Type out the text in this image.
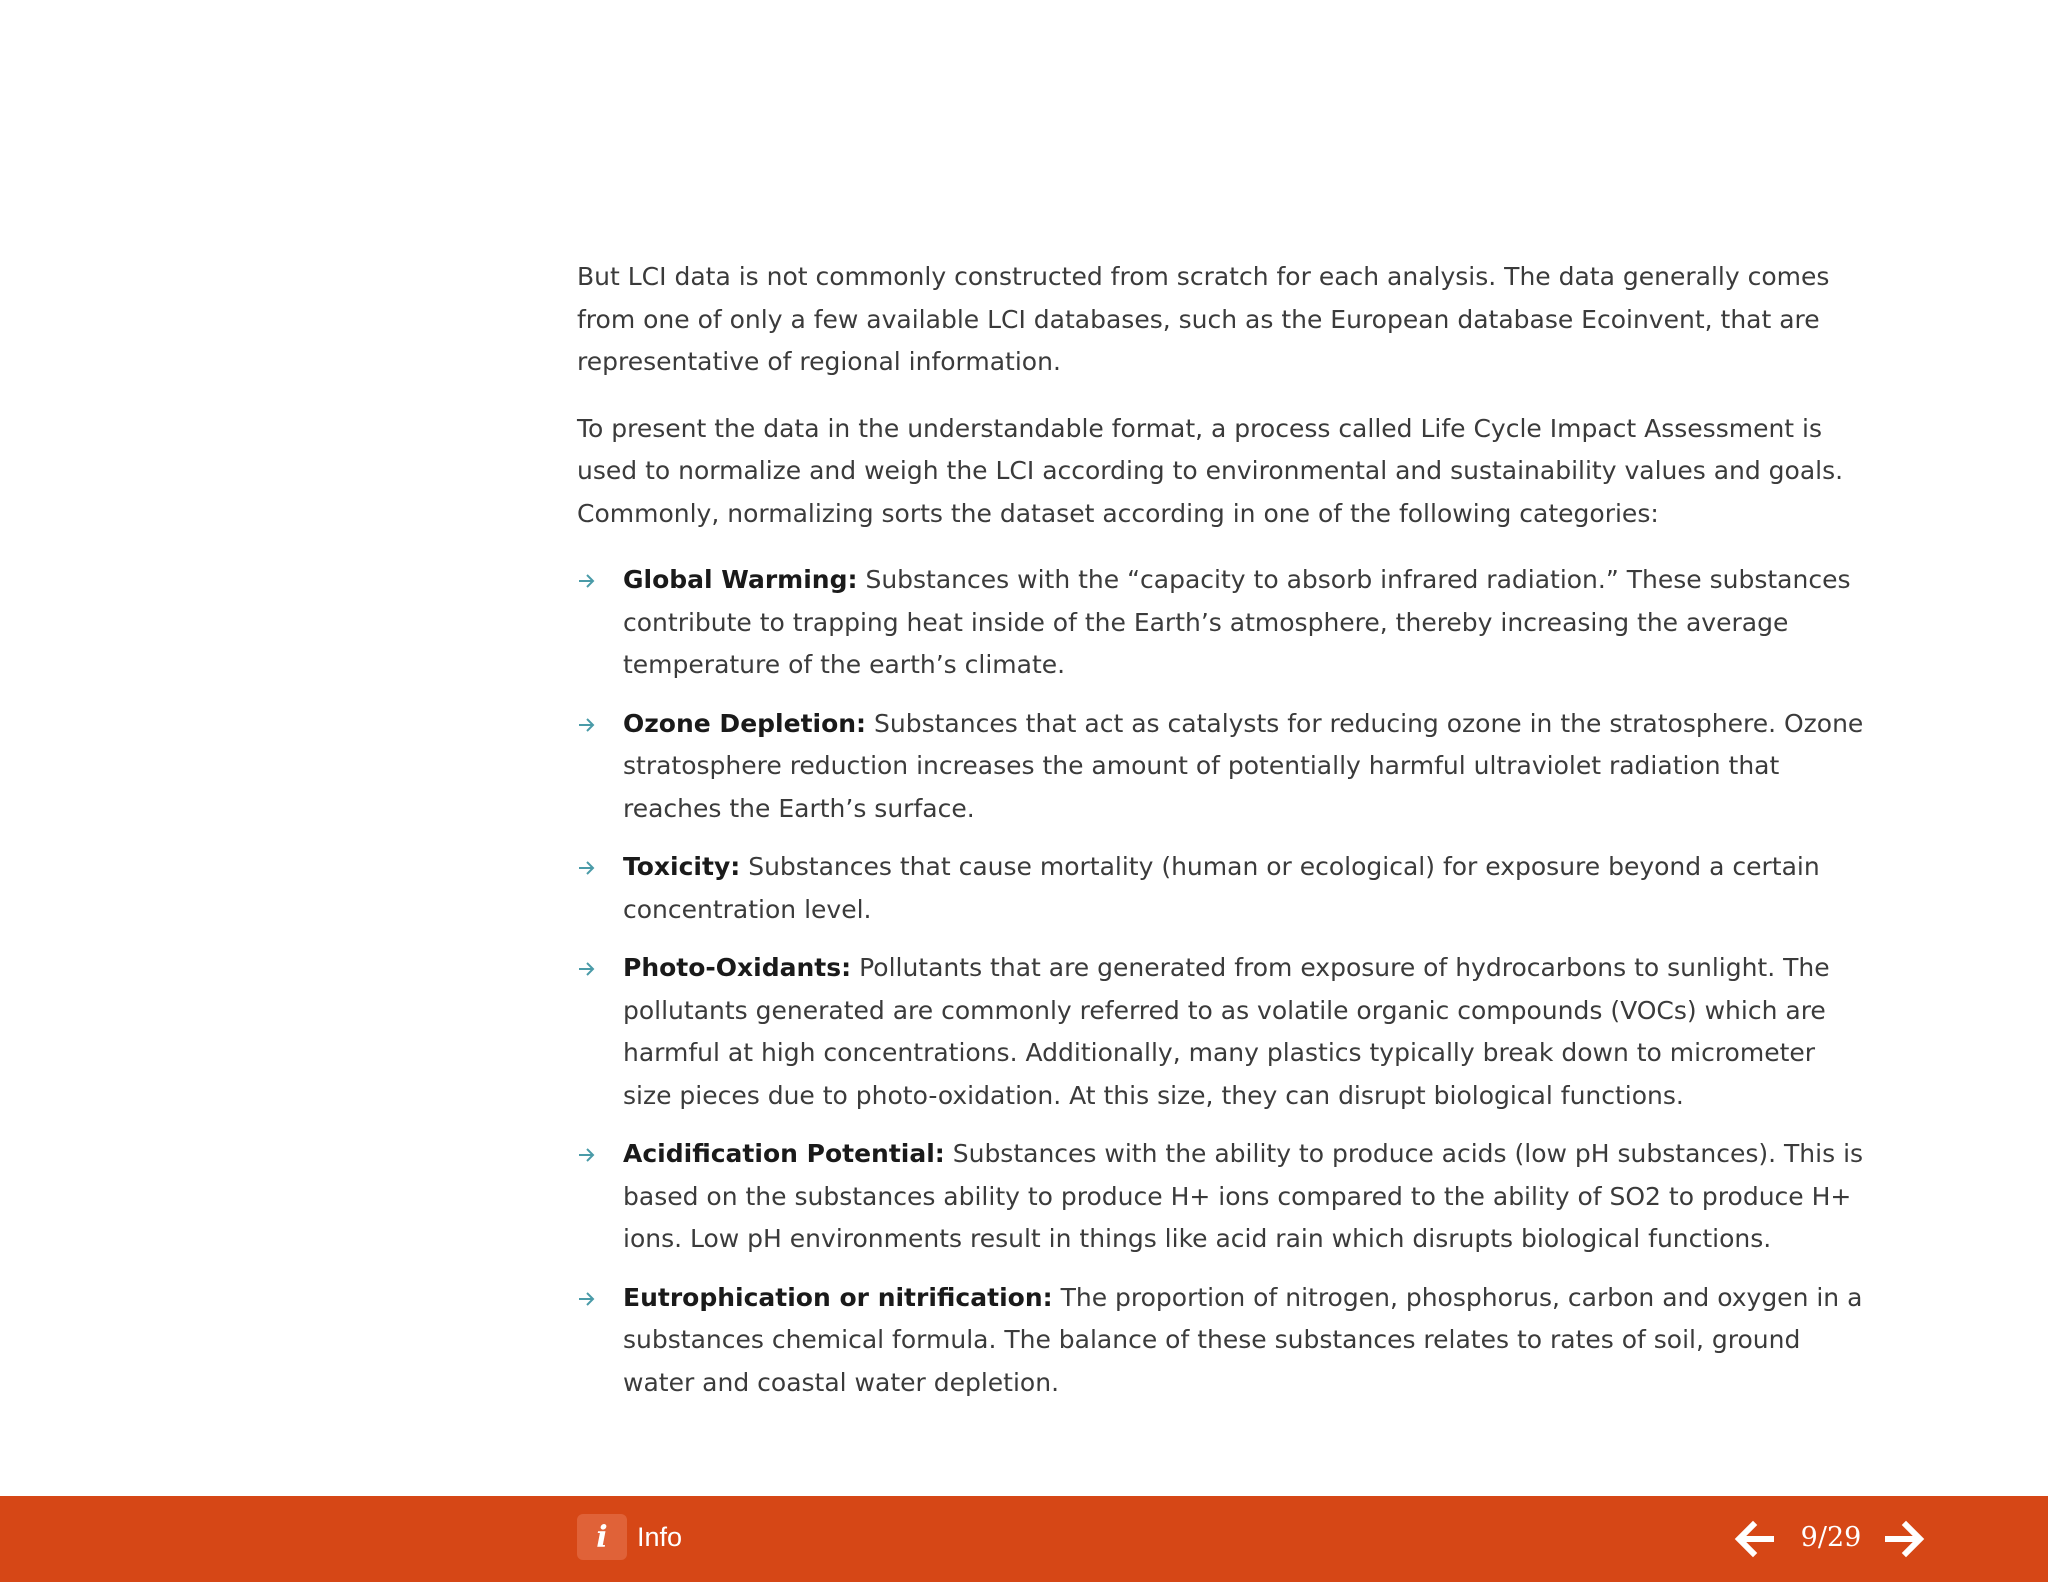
But LCI data is not commonly constructed from scratch for each analysis. The data generally comes from one of only a few available LCI databases, such as the European database Ecoinvent, that are representative of regional information.

To present the data in the understandable format, a process called Life Cycle Impact Assessment is used to normalize and weigh the LCI according to environmental and sustainability values and goals. Commonly, normalizing sorts the dataset according in one of the following categories:

Global Warming: Substances with the “capacity to absorb infrared radiation.” These substances contribute to trapping heat inside of the Earth’s atmosphere, thereby increasing the average temperature of the earth’s climate.
Ozone Depletion: Substances that act as catalysts for reducing ozone in the stratosphere. Ozone stratosphere reduction increases the amount of potentially harmful ultraviolet radiation that reaches the Earth’s surface.
Toxicity: Substances that cause mortality (human or ecological) for exposure beyond a certain concentration level.
Photo-Oxidants: Pollutants that are generated from exposure of hydrocarbons to sunlight. The pollutants generated are commonly referred to as volatile organic compounds (VOCs) which are harmful at high concentrations. Additionally, many plastics typically break down to micrometer size pieces due to photo-oxidation. At this size, they can disrupt biological functions.
Acidification Potential: Substances with the ability to produce acids (low pH substances). This is based on the substances ability to produce H+ ions compared to the ability of SO2 to produce H+ ions. Low pH environments result in things like acid rain which disrupts biological functions.
Eutrophication or nitrification: The proportion of nitrogen, phosphorus, carbon and oxygen in a substances chemical formula. The balance of these substances relates to rates of soil, ground water and coastal water depletion.
i	Info	9/29
